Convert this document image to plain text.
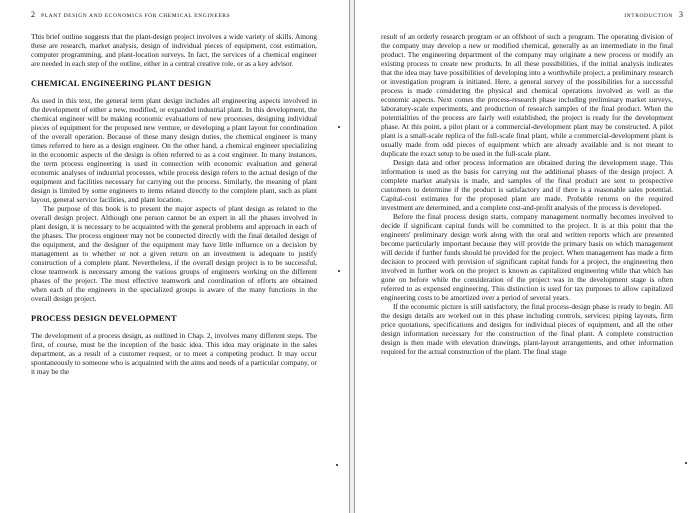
2 PLANT DESIGN AND ECONOMICS FOR CHEMICAL ENGINEERS

This brief outline suggests that the plant-design project involves a wide variety of skills. Among these are research, market analysis, design of individual pieces of equipment, cost estimation, computer programming, and plant-location surveys. In fact, the services of a chemical engineer are needed in each step of the outline, either in a central creative role, or as a key advisor.

CHEMICAL ENGINEERING PLANT DESIGN

As used in this text, the general term plant design includes all engineering aspects involved in the development of either a new, modified, or expanded industrial plant. In this development, the chemical engineer will be making economic evaluations of new processes, designing individual pieces of equipment for the proposed new venture, or developing a plant layout for coordination of the overall operation. Because of these many design duties, the chemical engineer is many times referred to here as a design engineer. On the other hand, a chemical engineer specializing in the economic aspects of the design is often referred to as a cost engineer. In many instances, the term process engineering is used in connection with economic evaluation and general economic analyses of industrial processes, while process design refers to the actual design of the equipment and facilities necessary for carrying out the process. Similarly, the meaning of plant design is limited by some engineers to items related directly to the complete plant, such as plant layout, general service facilities, and plant location.

The purpose of this book is to present the major aspects of plant design as related to the overall design project. Although one person cannot be an expert in all the phases involved in plant design, it is necessary to be acquainted with the general problems and approach in each of the phases. The process engineer may not be connected directly with the final detailed design of the equipment, and the designer of the equipment may have little influence on a decision by management as to whether or not a given return on an investment is adequate to justify construction of a complete plant. Nevertheless, if the overall design project is to be successful, close teamwork is necessary among the various groups of engineers working on the different phases of the project. The most effective teamwork and coordination of efforts are obtained when each of the engineers in the specialized groups is aware of the many functions in the overall design project.

PROCESS DESIGN DEVELOPMENT

The development of a process design, as outlined in Chap. 2, involves many different steps. The first, of course, must be the inception of the basic idea. This idea may originate in the sales department, as a result of a customer request, or to meet a competing product. It may occur spontaneously to someone who is acquainted with the aims and needs of a particular company, or it may be the

INTRODUCTION 3

result of an orderly research program or an offshoot of such a program. The operating division of the company may develop a new or modified chemical, generally as an intermediate in the final product. The engineering department of the company may originate a new process or modify an existing process to create new products. In all these possibilities, if the initial analysis indicates that the idea may have possibilities of developing into a worthwhile project, a preliminary research or investigation program is initiated. Here, a general survey of the possibilities for a successful process is made considering the physical and chemical operations involved as well as the economic aspects. Next comes the process-research phase including preliminary market surveys, laboratory-scale experiments, and production of research samples of the final product. When the potentialities of the process are fairly well established, the project is ready for the development phase. At this point, a pilot plant or a commercial-development plant may be constructed. A pilot plant is a small-scale replica of the full-scale final plant, while a commercial-development plant is usually made from odd pieces of equipment which are already available and is not meant to duplicate the exact setup to be used in the full-scale plant.

Design data and other process information are obtained during the development stage. This information is used as the basis for carrying out the additional phases of the design project. A complete market analysis is made, and samples of the final product are sent to prospective customers to determine if the product is satisfactory and if there is a reasonable sales potential. Capital-cost estimates for the proposed plant are made. Probable returns on the required investment are determined, and a complete cost-and-profit analysis of the process is developed.

Before the final process design starts, company management normally becomes involved to decide if significant capital funds will be committed to the project. It is at this point that the engineers' preliminary design work along with the oral and written reports which are presented become particularly important because they will provide the primary basis on which management will decide if further funds should be provided for the project. When management has made a firm decision to proceed with provision of significant capital funds for a project, the engineering then involved in further work on the project is known as capitalized engineering while that which has gone on before while the consideration of the project was in the development stage is often referred to as expensed engineering. This distinction is used for tax purposes to allow capitalized engineering costs to be amortized over a period of several years.

If the economic picture is still satisfactory, the final process-design phase is ready to begin. All the design details are worked out in this phase including controls, services; piping layouts, firm price quotations, specifications and designs for individual pieces of equipment, and all the other design information necessary for the construction of the final plant. A complete construction design is then made with elevation drawings, plant-layout arrangements, and other information required for the actual construction of the plant. The final stage
